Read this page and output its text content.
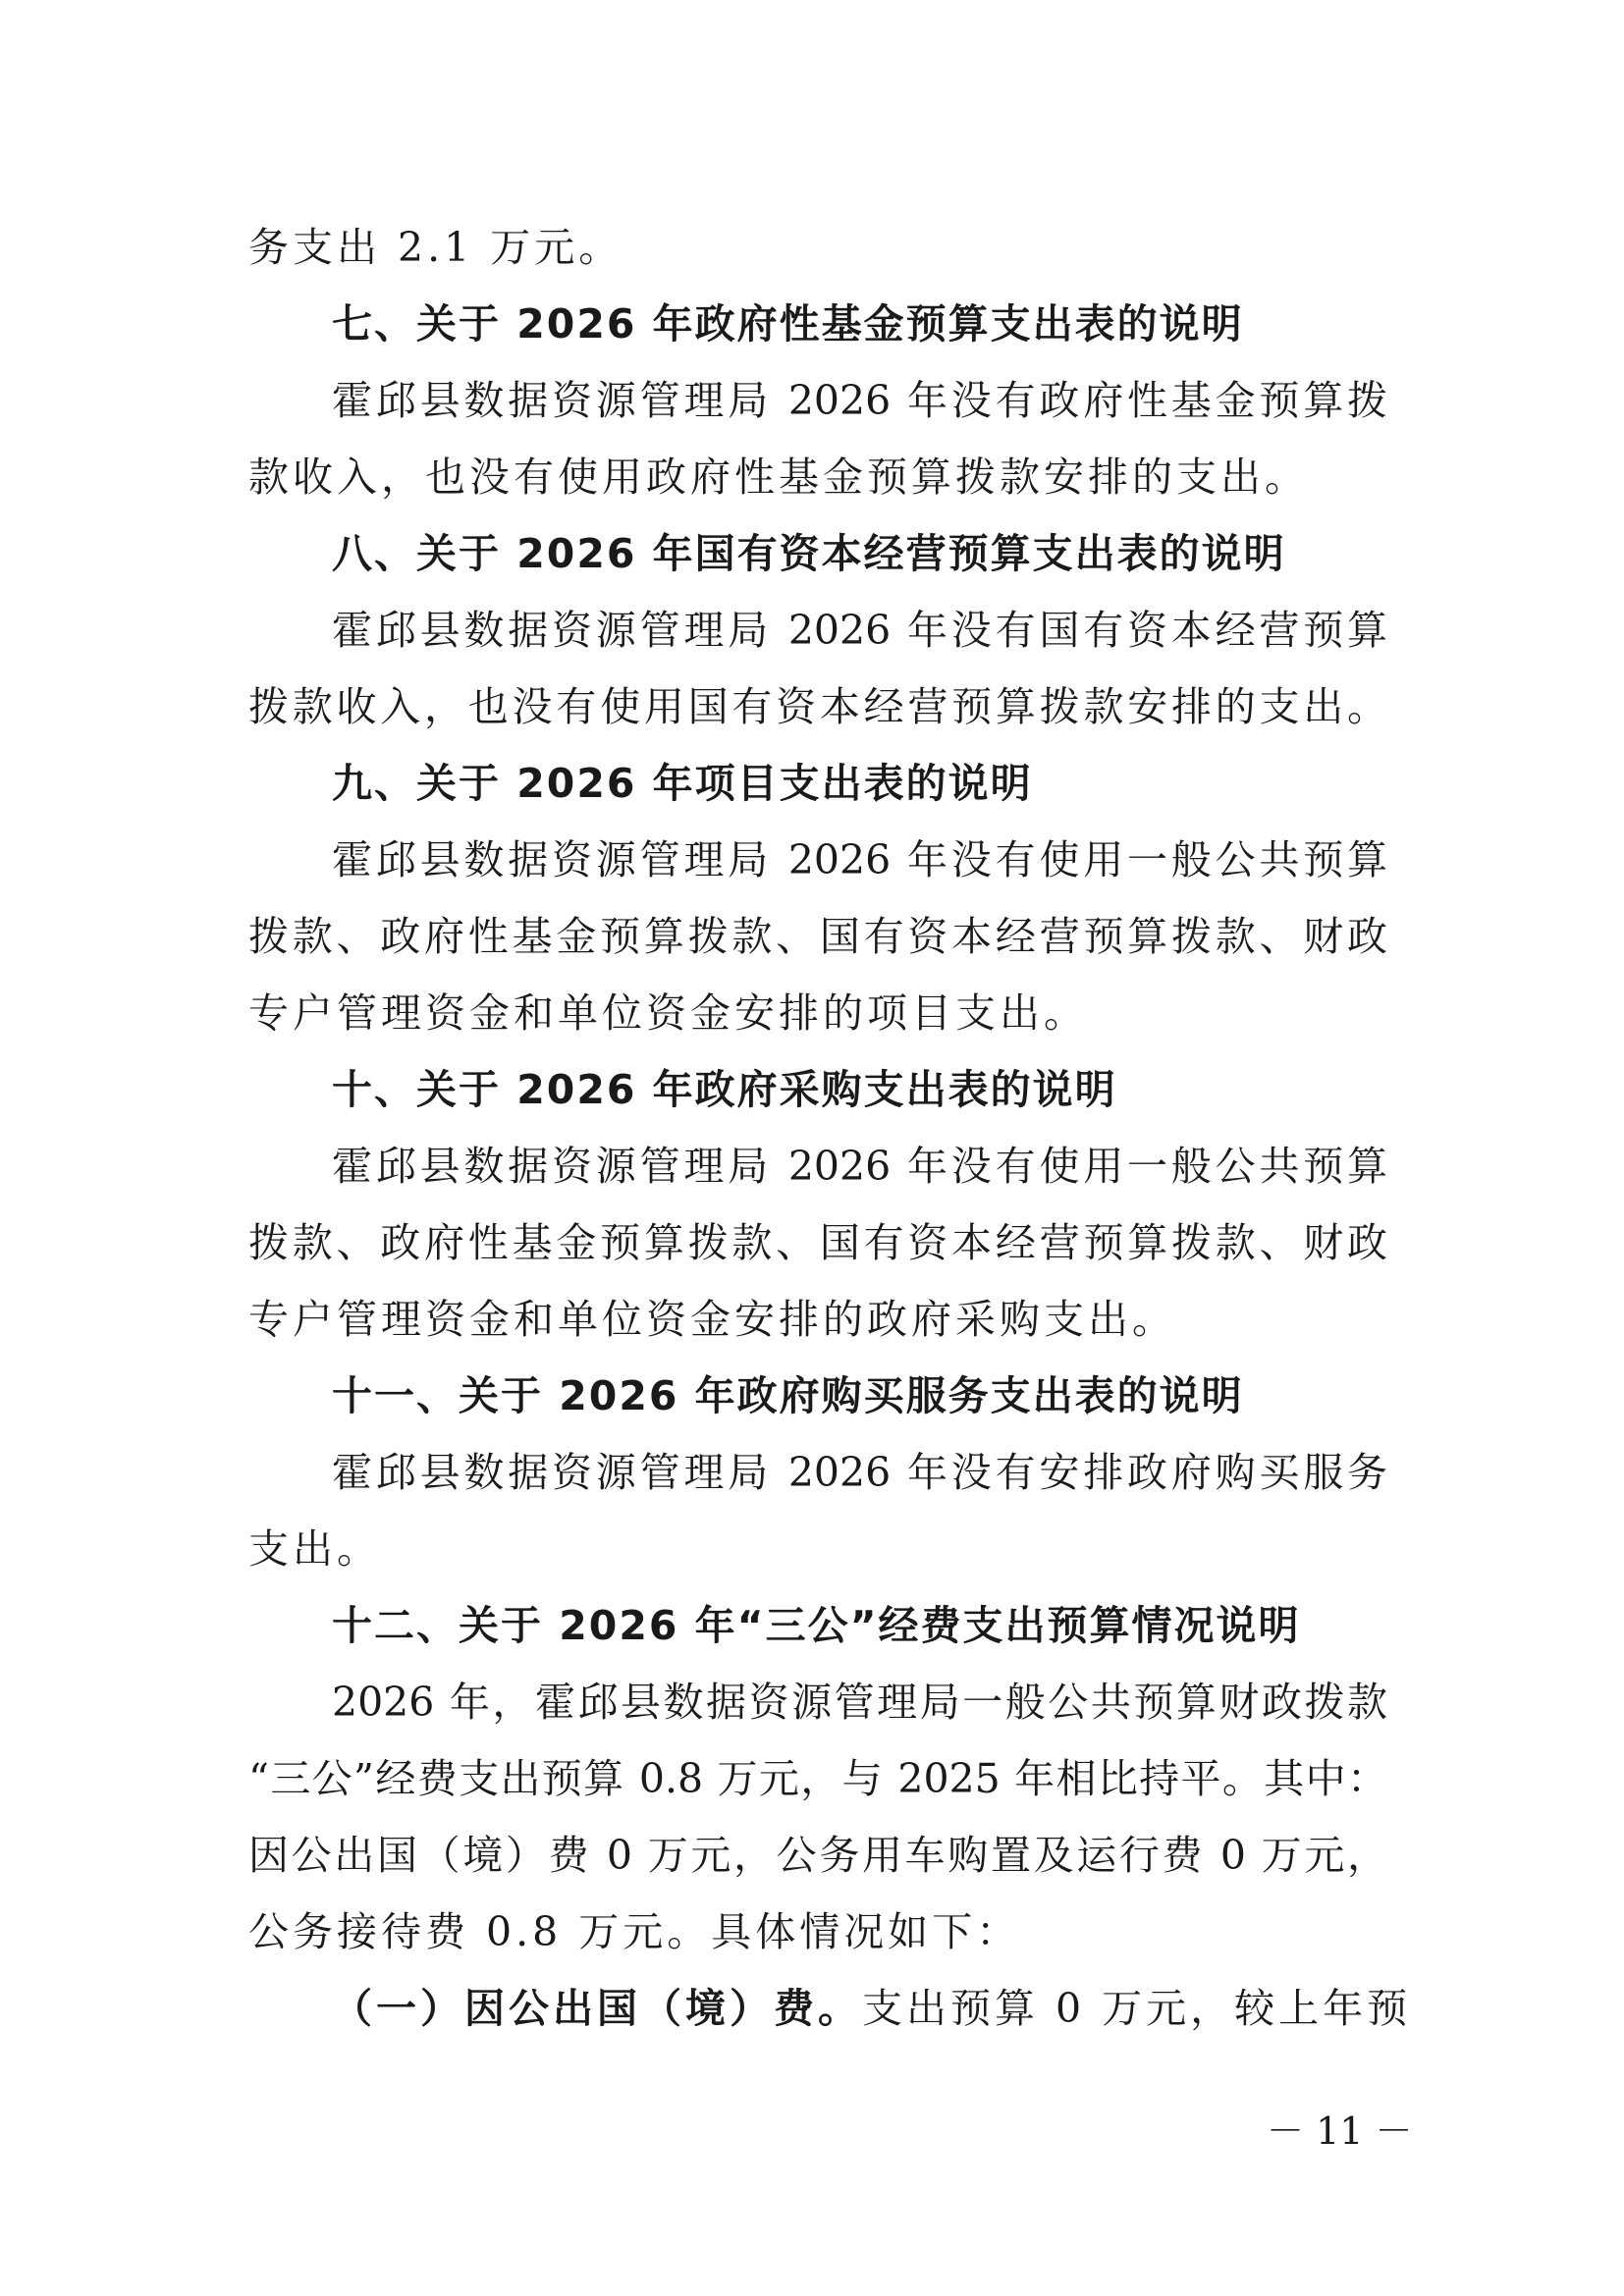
务支出 2.1 万元。
七、关于 2026 年政府性基金预算支出表的说明
霍邱县数据资源管理局 2026 年没有政府性基金预算拨
款收入，也没有使用政府性基金预算拨款安排的支出。
八、关于 2026 年国有资本经营预算支出表的说明
霍邱县数据资源管理局 2026 年没有国有资本经营预算
拨款收入，也没有使用国有资本经营预算拨款安排的支出。
九、关于 2026 年项目支出表的说明
霍邱县数据资源管理局 2026 年没有使用一般公共预算
拨款、政府性基金预算拨款、国有资本经营预算拨款、财政
专户管理资金和单位资金安排的项目支出。
十、关于 2026 年政府采购支出表的说明
霍邱县数据资源管理局 2026 年没有使用一般公共预算
拨款、政府性基金预算拨款、国有资本经营预算拨款、财政
专户管理资金和单位资金安排的政府采购支出。
十一、关于 2026 年政府购买服务支出表的说明
霍邱县数据资源管理局 2026 年没有安排政府购买服务
支出。
十二、关于 2026 年“三公”经费支出预算情况说明
2026 年，霍邱县数据资源管理局一般公共预算财政拨款
“三公”经费支出预算 0.8 万元，与 2025 年相比持平。其中：
因公出国（境）费 0 万元，公务用车购置及运行费 0 万元，
公务接待费 0.8 万元。具体情况如下：
（一）因公出国（境）费。支出预算 0 万元，较上年预
－ 11 －
